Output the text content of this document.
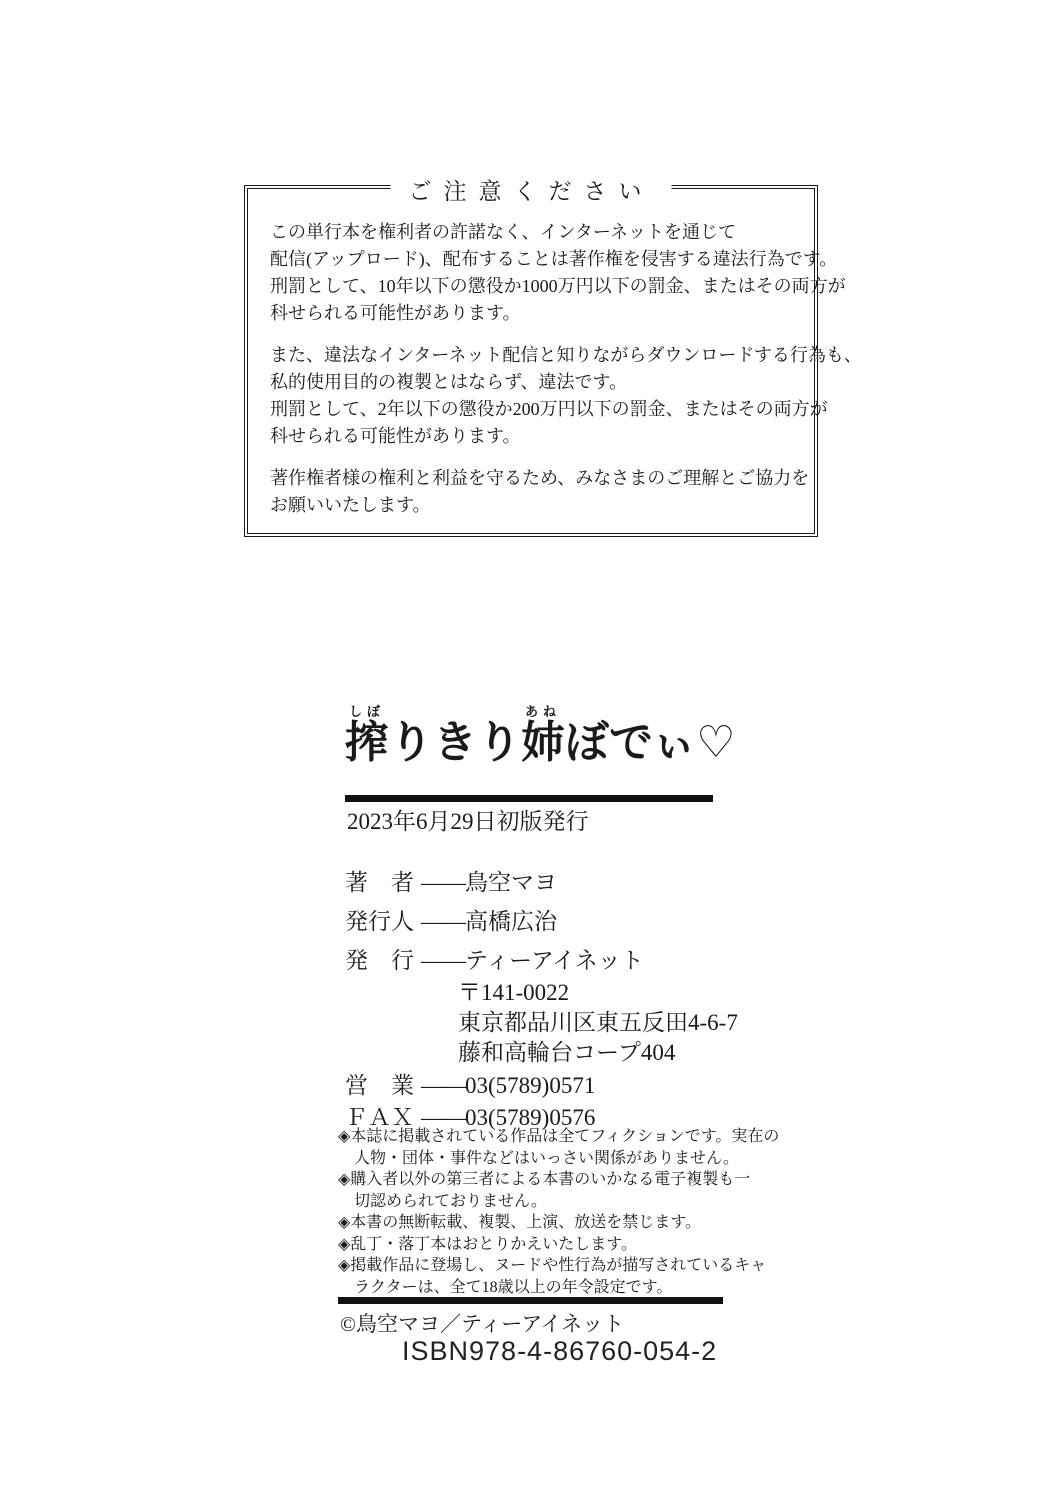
ご注意ください
この単行本を権利者の許諾なく、インターネットを通じて
配信(アップロード)、配布することは著作権を侵害する違法行為です。
刑罰として、10年以下の懲役か1000万円以下の罰金、またはその両方が
科せられる可能性があります。
また、違法なインターネット配信と知りながらダウンロードする行為も、
私的使用目的の複製とはならず、違法です。
刑罰として、2年以下の懲役か200万円以下の罰金、またはその両方が
科せられる可能性があります。
著作権者様の権利と利益を守るため、みなさまのご理解とご協力を
お願いいたします。
搾しぼりきり姉あねぼでぃ♡
2023年6月29日初版発行
著　者 ——鳥空マヨ
発行人 ——高橋広治
発　行 ——ティーアイネット
〒141-0022
東京都品川区東五反田4-6-7
藤和高輪台コープ404
営　業 ——03(5789)0571
ＦＡＸ ——03(5789)0576
◈本誌に掲載されている作品は全てフィクションです。実在の
人物・団体・事件などはいっさい関係がありません。
◈購入者以外の第三者による本書のいかなる電子複製も一
切認められておりません。
◈本書の無断転載、複製、上演、放送を禁じます。
◈乱丁・落丁本はおとりかえいたします。
◈掲載作品に登場し、ヌードや性行為が描写されているキャ
ラクターは、全て18歳以上の年令設定です。
©鳥空マヨ／ティーアイネット
ISBN978-4-86760-054-2
